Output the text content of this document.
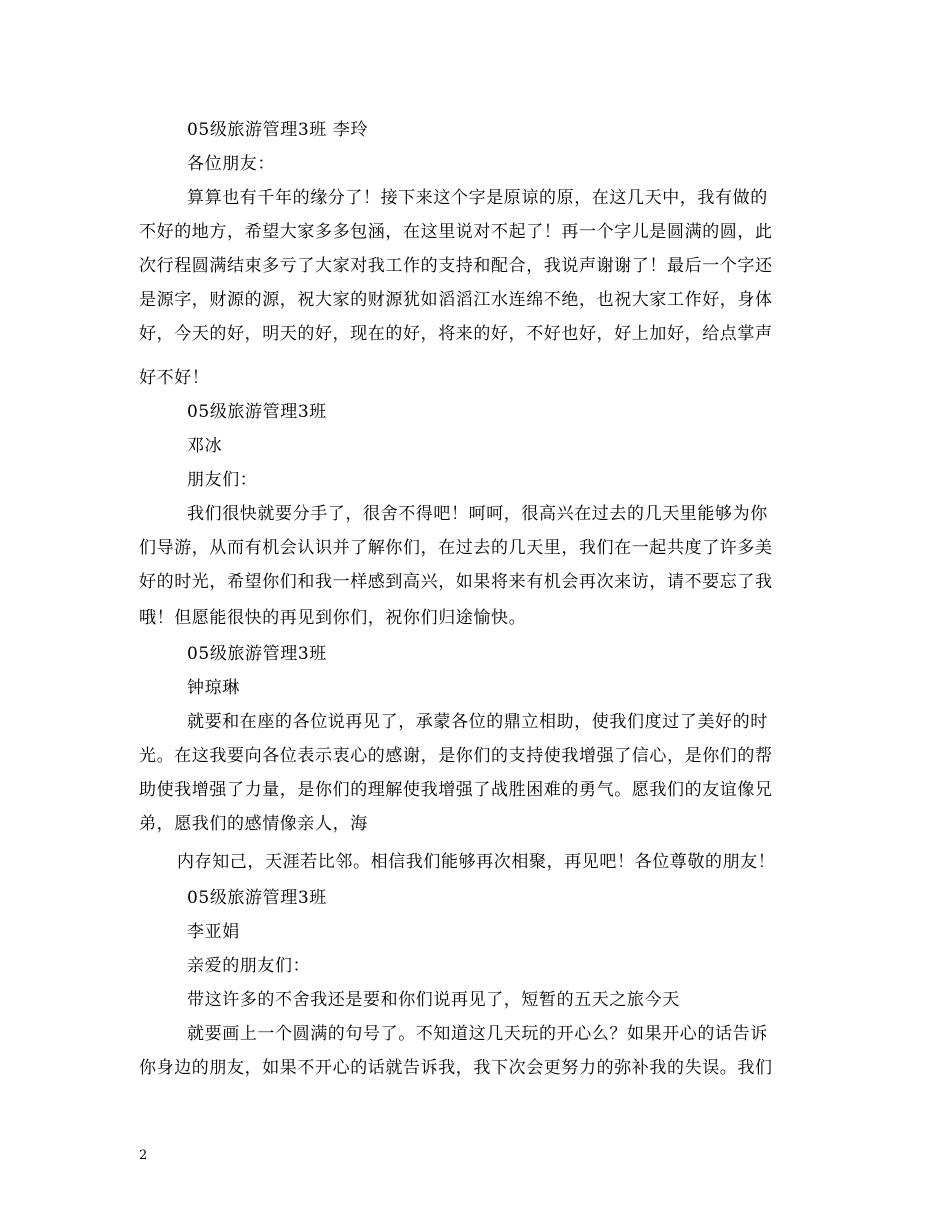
05级旅游管理3班 李玲
各位朋友：
算算也有千年的缘分了！接下来这个字是原谅的原，在这几天中，我有做的
不好的地方，希望大家多多包涵，在这里说对不起了！再一个字儿是圆满的圆，此
次行程圆满结束多亏了大家对我工作的支持和配合，我说声谢谢了！最后一个字还
是源字，财源的源，祝大家的财源犹如滔滔江水连绵不绝，也祝大家工作好，身体
好，今天的好，明天的好，现在的好，将来的好，不好也好，好上加好，给点掌声
好不好！
05级旅游管理3班
邓冰
朋友们：
我们很快就要分手了，很舍不得吧！呵呵，很高兴在过去的几天里能够为你
们导游，从而有机会认识并了解你们，在过去的几天里，我们在一起共度了许多美
好的时光，希望你们和我一样感到高兴，如果将来有机会再次来访，请不要忘了我
哦！但愿能很快的再见到你们，祝你们归途愉快。
05级旅游管理3班
钟琼琳
就要和在座的各位说再见了，承蒙各位的鼎立相助，使我们度过了美好的时
光。在这我要向各位表示衷心的感谢，是你们的支持使我增强了信心，是你们的帮
助使我增强了力量，是你们的理解使我增强了战胜困难的勇气。愿我们的友谊像兄
弟，愿我们的感情像亲人，海
内存知己，天涯若比邻。相信我们能够再次相聚，再见吧！各位尊敬的朋友！
05级旅游管理3班
李亚娟
亲爱的朋友们：
带这许多的不舍我还是要和你们说再见了，短暂的五天之旅今天
就要画上一个圆满的句号了。不知道这几天玩的开心么？如果开心的话告诉
你身边的朋友，如果不开心的话就告诉我，我下次会更努力的弥补我的失误。我们
2
